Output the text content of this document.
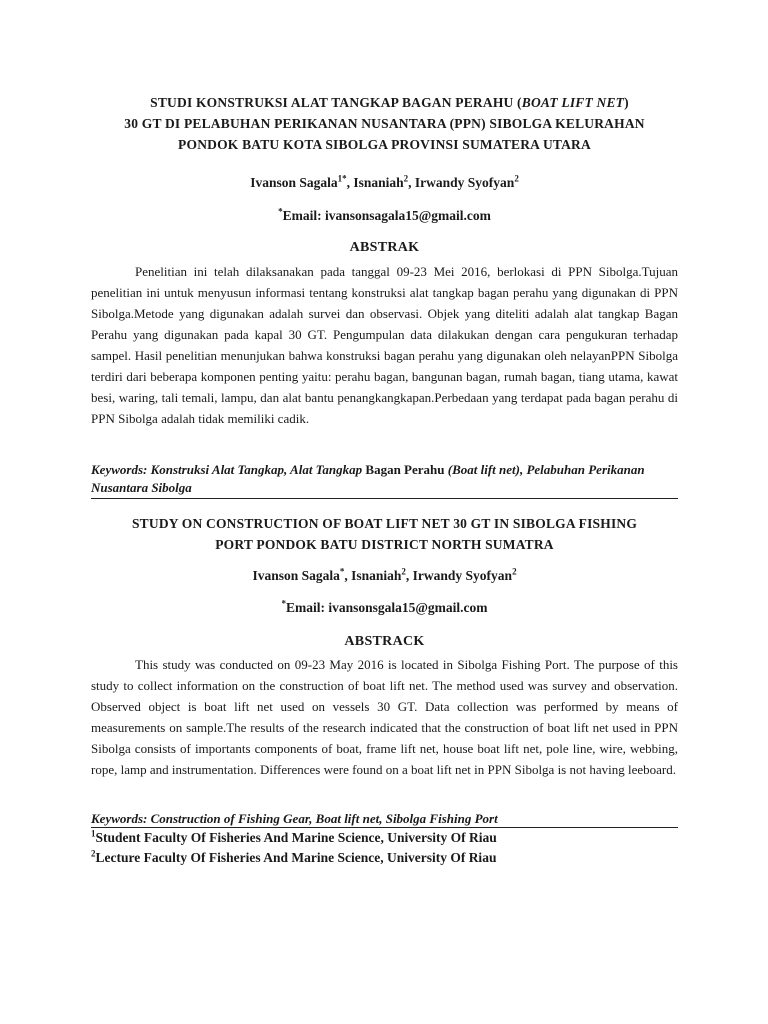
STUDI KONSTRUKSI ALAT TANGKAP BAGAN PERAHU (BOAT LIFT NET)
30 GT DI PELABUHAN PERIKANAN NUSANTARA (PPN) SIBOLGA KELURAHAN
PONDOK BATU KOTA SIBOLGA PROVINSI SUMATERA UTARA
Ivanson Sagala$^{1*}$, Isnaniah$^2$, Irwandy Syofyan$^2$
*Email: ivansonsagala15@gmail.com
ABSTRAK
Penelitian ini telah dilaksanakan pada tanggal 09-23 Mei 2016, berlokasi di PPN Sibolga.Tujuan penelitian ini untuk menyusun informasi tentang konstruksi alat tangkap bagan perahu yang digunakan di PPN Sibolga.Metode yang digunakan adalah survei dan observasi. Objek yang diteliti adalah alat tangkap Bagan Perahu yang digunakan pada kapal 30 GT. Pengumpulan data dilakukan dengan cara pengukuran terhadap sampel. Hasil penelitian menunjukan bahwa konstruksi bagan perahu yang digunakan oleh nelayanPPN Sibolga terdiri dari beberapa komponen penting yaitu: perahu bagan, bangunan bagan, rumah bagan, tiang utama, kawat besi, waring, tali temali, lampu, dan alat bantu penangkangkapan.Perbedaan yang terdapat pada bagan perahu di PPN Sibolga adalah tidak memiliki cadik.
Keywords: Konstruksi Alat Tangkap, Alat Tangkap Bagan Perahu (Boat lift net), Pelabuhan Perikanan Nusantara Sibolga
STUDY ON CONSTRUCTION OF BOAT LIFT NET 30 GT IN SIBOLGA FISHING
PORT PONDOK BATU DISTRICT NORTH SUMATRA
Ivanson Sagala*, Isnaniah$^2$, Irwandy Syofyan$^2$
*Email: ivansonsgala15@gmail.com
ABSTRACK
This study was conducted on 09-23 May 2016 is located in Sibolga Fishing Port. The purpose of this study to collect information on the construction of boat lift net. The method used was survey and observation. Observed object is boat lift net used on vessels 30 GT. Data collection was performed by means of measurements on sample.The results of the research indicated that the construction of boat lift net used in PPN Sibolga consists of importants components of boat, frame lift net, house boat lift net, pole line, wire, webbing, rope, lamp and instrumentation. Differences were found on a boat lift net in PPN Sibolga is not having leeboard.
Keywords: Construction of Fishing Gear, Boat lift net, Sibolga Fishing Port
$^1$Student Faculty Of Fisheries And Marine Science, University Of Riau
$^2$Lecture Faculty Of Fisheries And Marine Science, University Of Riau
